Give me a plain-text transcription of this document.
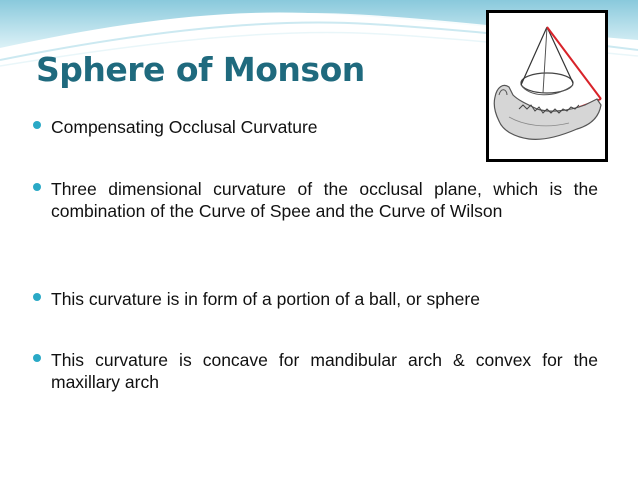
Sphere of Monson
Compensating Occlusal Curvature
Three dimensional curvature of the occlusal plane, which is the combination of the Curve of Spee and the Curve of Wilson
This curvature is in form of a portion of a ball, or sphere
This curvature is concave for mandibular arch & convex for the maxillary arch
